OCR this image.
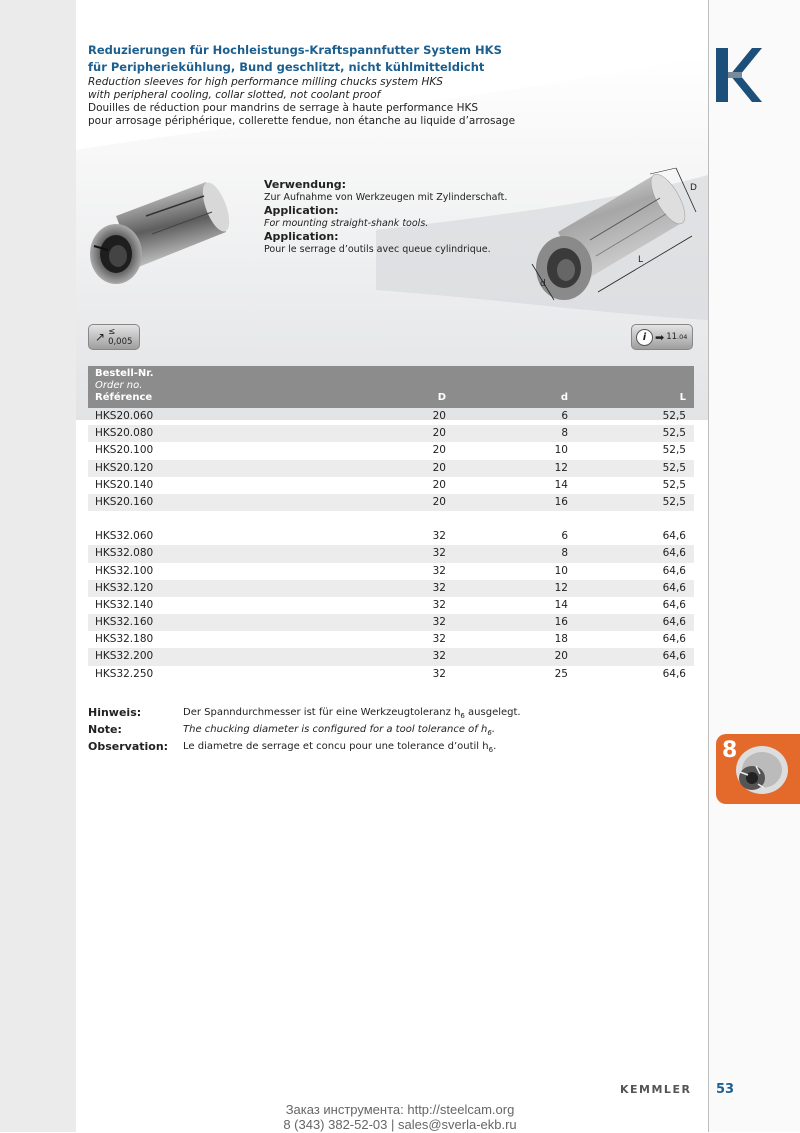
Reduzierungen für Hochleistungs-Kraftspannfutter System HKS
für Peripheriekühlung, Bund geschlitzt, nicht kühlmitteldicht
Reduction sleeves for high performance milling chucks system HKS
with peripheral cooling, collar slotted, not coolant proof
Douilles de réduction pour mandrins de serrage à haute performance HKS
pour arrosage périphérique, collerette fendue, non étanche au liquide d’arrosage
Verwendung:
Zur Aufnahme von Werkzeugen mit Zylinderschaft.
Application:
For mounting straight-shank tools.
Application:
Pour le serrage d’outils avec queue cylindrique.
D
d
L
↗ ≤ 0,005	i ➡ 11 .04
Bestell-Nr.
Order no.
Référence	D	d	L
HKS20.060	20	6	52,5
HKS20.080	20	8	52,5
HKS20.100	20	10	52,5
HKS20.120	20	12	52,5
HKS20.140	20	14	52,5
HKS20.160	20	16	52,5
HKS32.060	32	6	64,6
HKS32.080	32	8	64,6
HKS32.100	32	10	64,6
HKS32.120	32	12	64,6
HKS32.140	32	14	64,6
HKS32.160	32	16	64,6
HKS32.180	32	18	64,6
HKS32.200	32	20	64,6
HKS32.250	32	25	64,6
Hinweis:	Der Spanndurchmesser ist für eine Werkzeugtoleranz $h_6$ ausgelegt.
Note:	The chucking diameter is configured for a tool tolerance of $h_6$.
Observation:	Le diametre de serrage et concu pour une tolerance d’outil $h_6$.	8
KEMMLER 53
Заказ инструмента: http://steelcam.org
8 (343) 382-52-03 | sales@sverla-ekb.ru
